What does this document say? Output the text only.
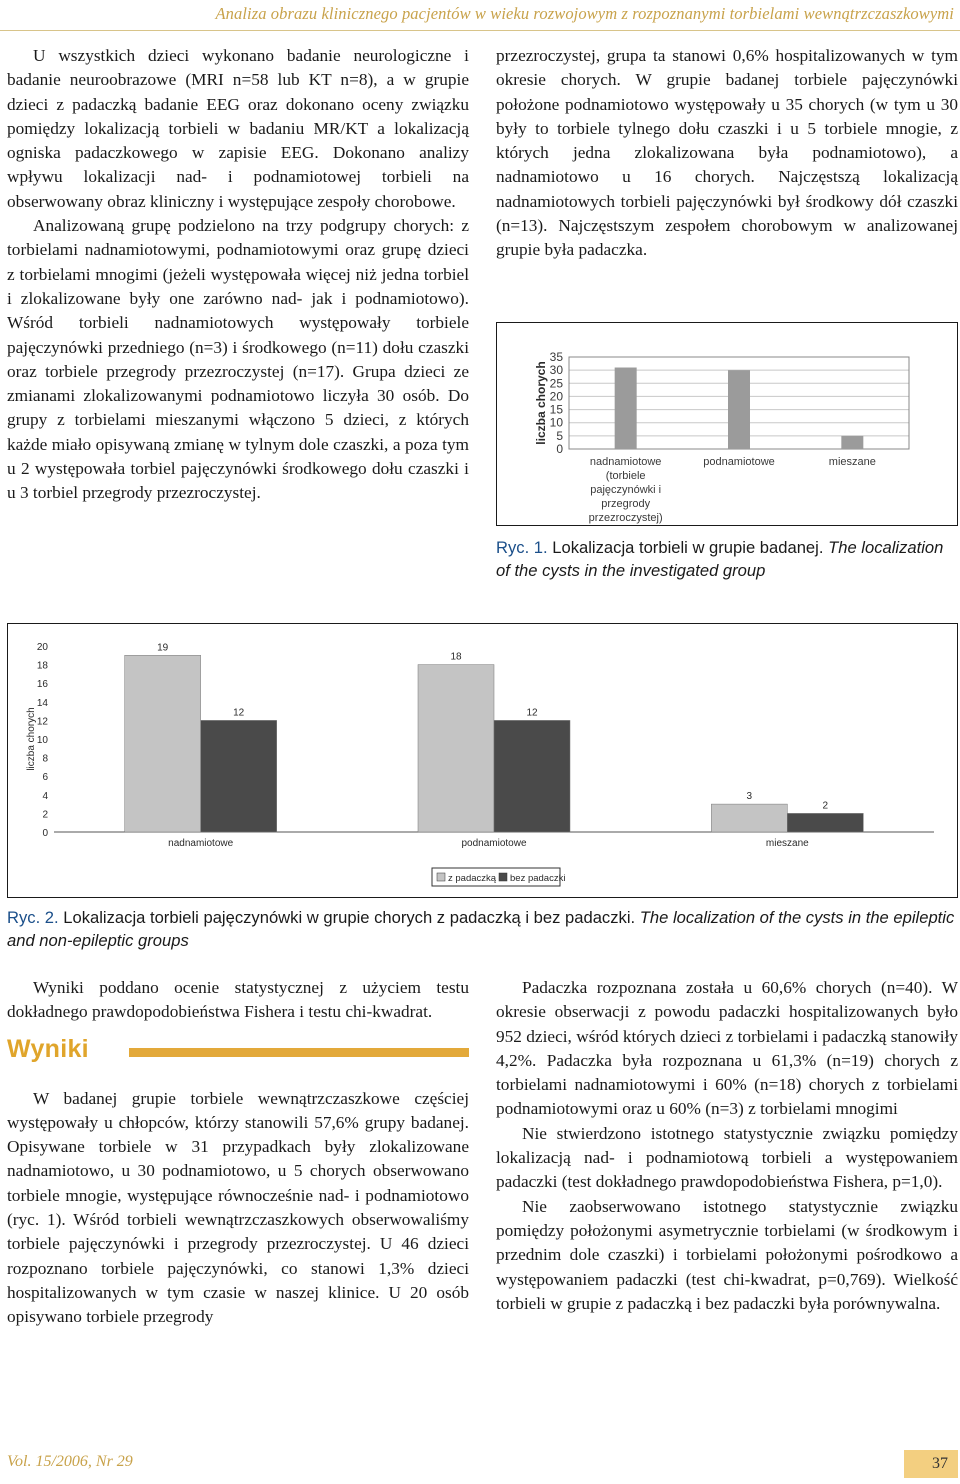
Analiza obrazu klinicznego pacjentów w wieku rozwojowym z rozpoznanymi torbielami wewnątrzczaszkowymi

U wszystkich dzieci wykonano badanie neurologiczne i badanie neuroobrazowe (MRI n=58 lub KT n=8), a w grupie dzieci z padaczką badanie EEG oraz dokonano oceny związku pomiędzy lokalizacją torbieli w badaniu MR/KT a lokalizacją ogniska padaczkowego w zapisie EEG. Dokonano analizy wpływu lokalizacji nad- i podnamiotowej torbieli na obserwowany obraz kliniczny i występujące zespoły chorobowe.

Analizowaną grupę podzielono na trzy podgrupy chorych: z torbielami nadnamiotowymi, podnamiotowymi oraz grupę dzieci z torbielami mnogimi (jeżeli występowała więcej niż jedna torbiel i zlokalizowane były one zarówno nad- jak i podnamiotowo). Wśród torbieli nadnamiotowych występowały torbiele pajęczynówki przedniego (n=3) i środkowego (n=11) dołu czaszki oraz torbiele przegrody przezroczystej (n=17). Grupa dzieci ze zmianami zlokalizowanymi podnamiotowo liczyła 30 osób. Do grupy z torbielami mieszanymi włączono 5 dzieci, z których każde miało opisywaną zmianę w tylnym dole czaszki, a poza tym u 2 występowała torbiel pajęczynówki środkowego dołu czaszki i u 3 torbiel przegrody przezroczystej.

przezroczystej, grupa ta stanowi 0,6% hospitalizowanych w tym okresie chorych. W grupie badanej torbiele pajęczynówki położone podnamiotowo występowały u 35 chorych (w tym u 30 były to torbiele tylnego dołu czaszki i u 5 torbiele mnogie, z których jedna zlokalizowana była podnamiotowo), a nadnamiotowo u 16 chorych. Najczęstszą lokalizacją nadnamiotowych torbieli pajęczynówki był środkowy dół czaszki (n=13). Najczęstszym zespołem chorobowym w analizowanej grupie była padaczka.

0
5
10
15
20
25
30
35
liczba chorych
nadnamiotowe
(torbiele
pajęczynówki i
przegrody
przezroczystej)
podnamiotowe	mieszane
Ryc. 1. Lokalizacja torbieli w grupie badanej. The localization of the cysts in the investigated group
0
2
4
6
8
10
12
14
16
18
20
liczba chorych
19
12
nadnamiotowe
18
12
podnamiotowe
3
2
mieszane
z padaczką bez padaczki
Ryc. 2. Lokalizacja torbieli pajęczynówki w grupie chorych z padaczką i bez padaczki. The localization of the cysts in the epileptic and non-epileptic groups

Wyniki poddano ocenie statystycznej z użyciem testu dokładnego prawdopodobieństwa Fishera i testu chi-kwadrat.

Wyniki

W badanej grupie torbiele wewnątrzczaszkowe częściej występowały u chłopców, którzy stanowili 57,6% grupy badanej. Opisywane torbiele w 31 przypadkach były zlokalizowane nadnamiotowo, u 30 podnamiotowo, u 5 chorych obserwowano torbiele mnogie, występujące równocześnie nad- i podnamiotowo (ryc. 1). Wśród torbieli wewnątrzczaszkowych obserwowaliśmy torbiele pajęczynówki i przegrody przezroczystej. U 46 dzieci rozpoznano torbiele pajęczynówki, co stanowi 1,3% dzieci hospitalizowanych w tym czasie w naszej klinice. U 20 osób opisywano torbiele przegrody

Padaczka rozpoznana została u 60,6% chorych (n=40). W okresie obserwacji z powodu padaczki hospitalizowanych było 952 dzieci, wśród których dzieci z torbielami i padaczką stanowiły 4,2%. Padaczka była rozpoznana u 61,3% (n=19) chorych z torbielami nadnamiotowymi i 60% (n=18) chorych z torbielami podnamiotowymi oraz u 60% (n=3) z torbielami mnogimi

Nie stwierdzono istotnego statystycznie związku pomiędzy lokalizacją nad- i podnamiotową torbieli a występowaniem padaczki (test dokładnego prawdopodobieństwa Fishera, p=1,0).

Nie zaobserwowano istotnego statystycznie związku pomiędzy położonymi asymetrycznie torbielami (w środkowym i przednim dole czaszki) i torbielami położonymi pośrodkowo a występowaniem padaczki (test chi-kwadrat, p=0,769). Wielkość torbieli w grupie z padaczką i bez padaczki była porównywalna.

Vol. 15/2006, Nr 29	37
